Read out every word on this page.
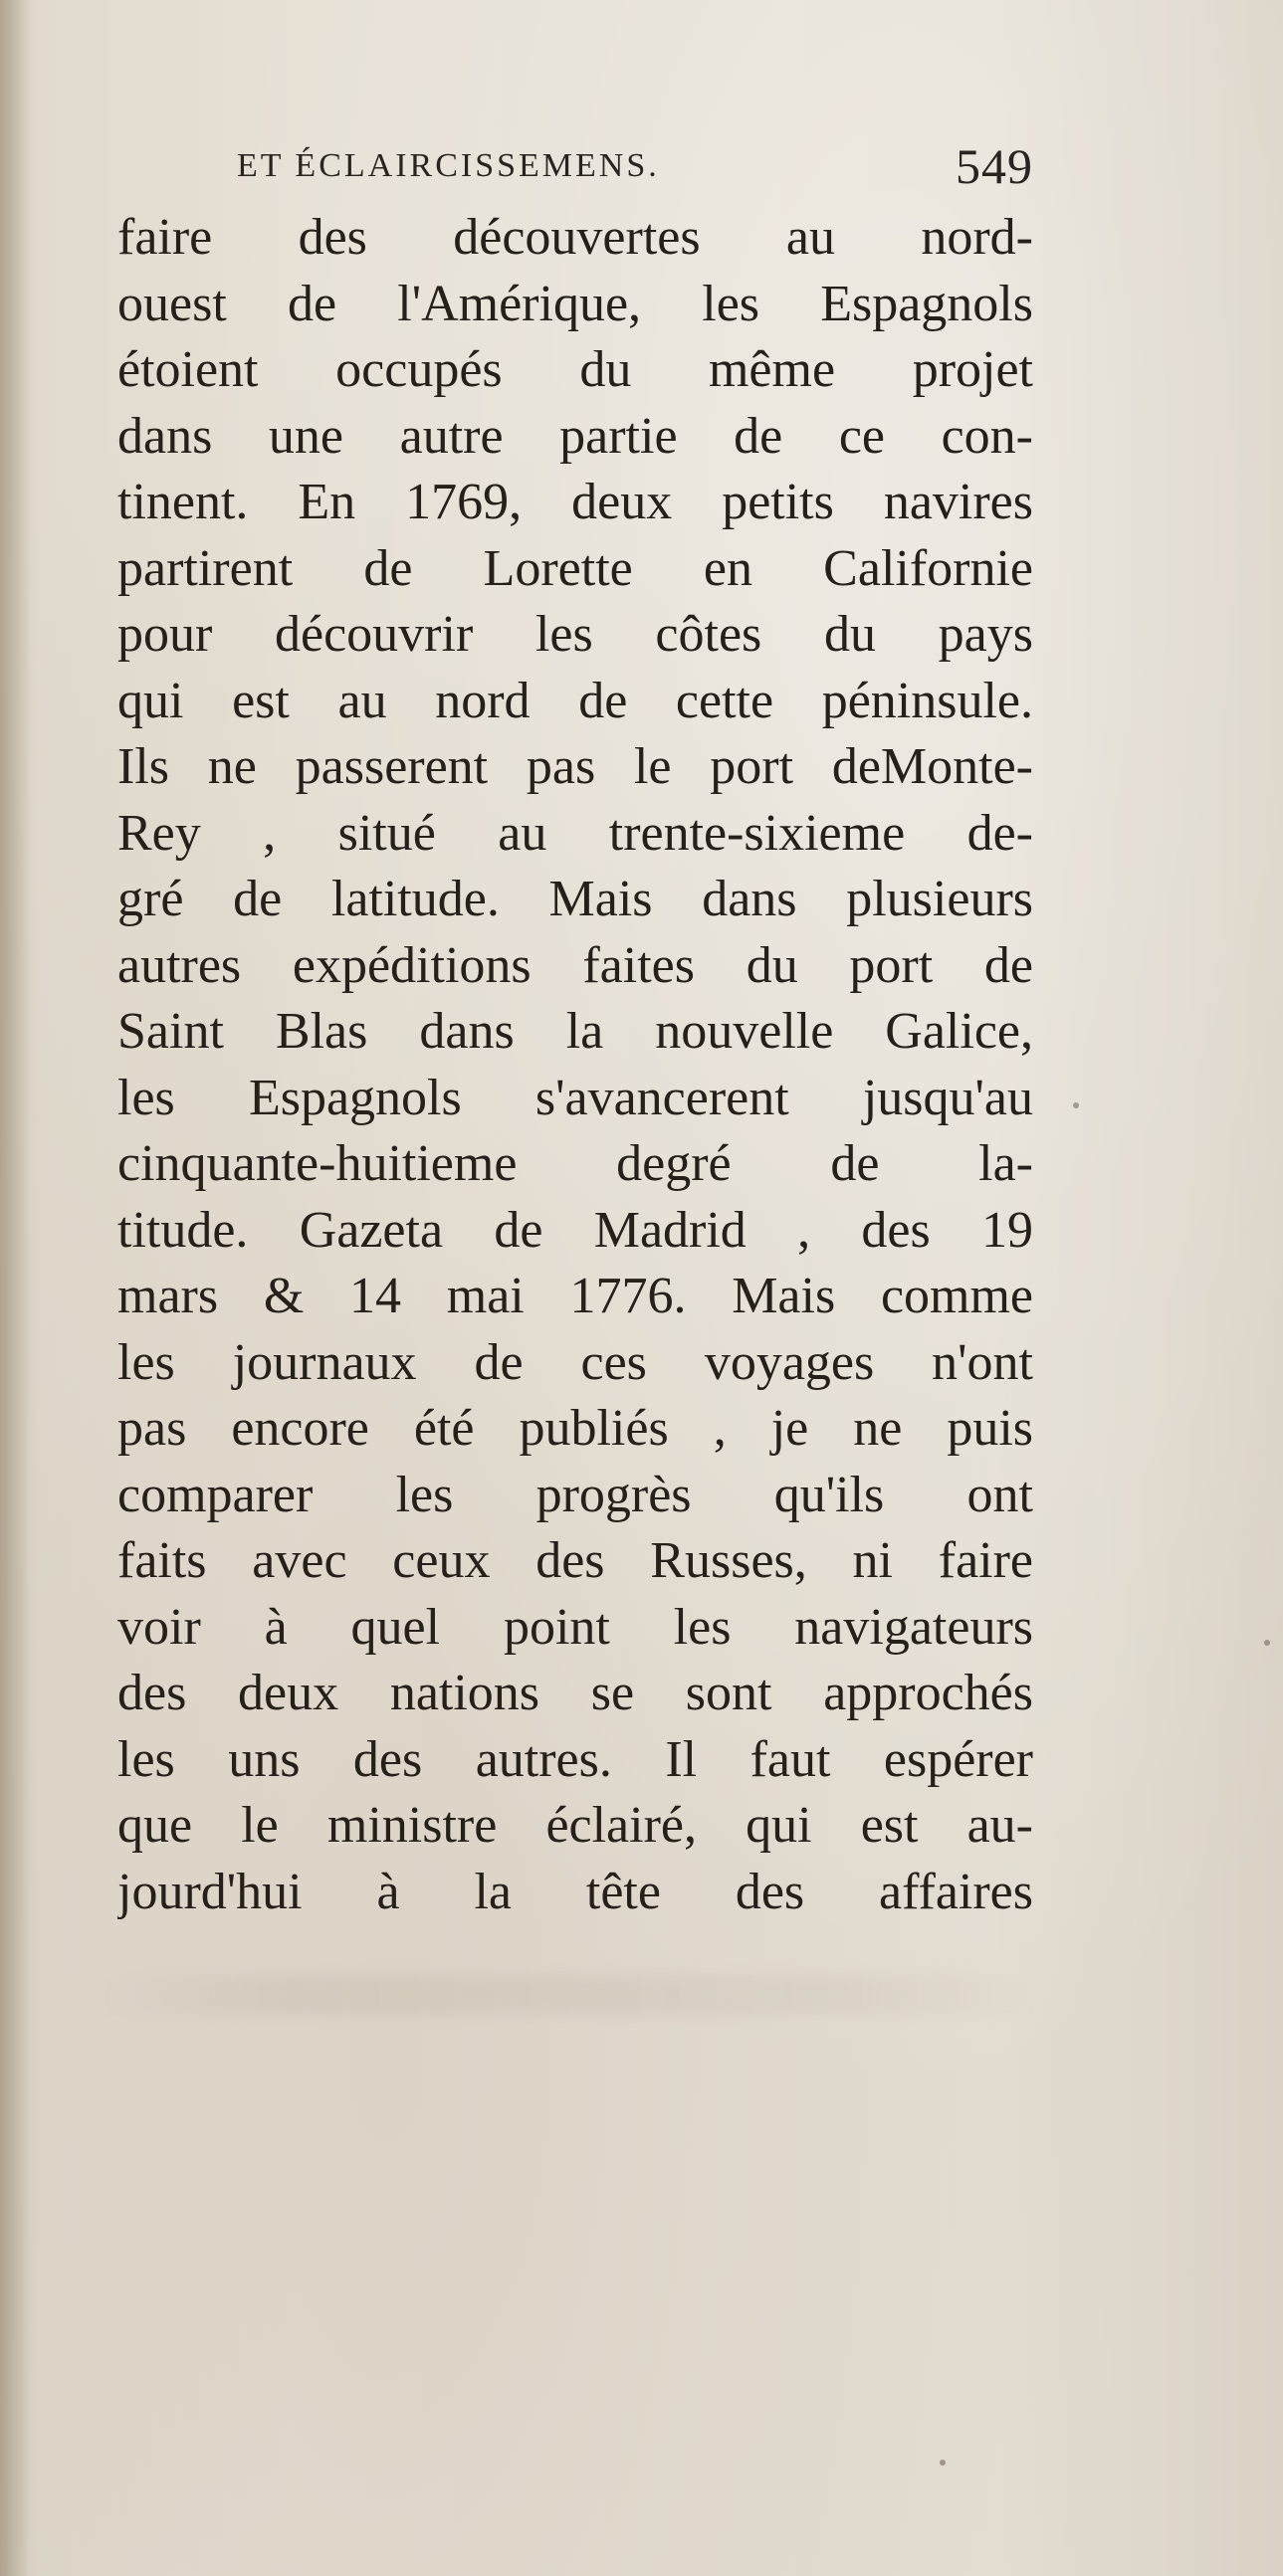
ET ÉCLAIRCISSEMENS.	549
faire des découvertes au nord-
ouest de l'Amérique, les Espagnols
étoient occupés du même projet
dans une autre partie de ce con-
tinent. En 1769, deux petits navires
partirent de Lorette en Californie
pour découvrir les côtes du pays
qui est au nord de cette péninsule.
Ils ne passerent pas le port deMonte-
Rey , situé au trente-sixieme de-
gré de latitude. Mais dans plusieurs
autres expéditions faites du port de
Saint Blas dans la nouvelle Galice,
les Espagnols s'avancerent jusqu'au
cinquante-huitieme degré de la-
titude. Gazeta de Madrid , des 19
mars & 14 mai 1776. Mais comme
les journaux de ces voyages n'ont
pas encore été publiés , je ne puis
comparer les progrès qu'ils ont
faits avec ceux des Russes, ni faire
voir à quel point les navigateurs
des deux nations se sont approchés
les uns des autres. Il faut espérer
que le ministre éclairé, qui est au-
jourd'hui à la tête des affaires
